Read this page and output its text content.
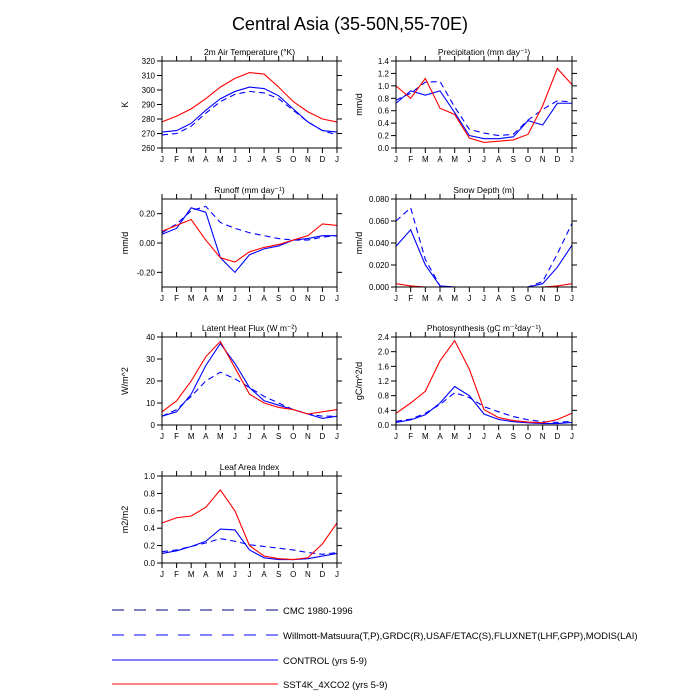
Central Asia (35-50N,55-70E)
2m Air Temperature (°K)
K
260
270
280
290
300
310
320
J F M A M J J A S O N D J
Precipitation (mm day⁻¹)
mm/d
0.0
0.2
0.4
0.6
0.8
1.0
1.2
1.4
J F M A M J J A S O N D J
Runoff (mm day⁻¹)
mm/d
-0.20
0.00
0.20
J F M A M J J A S O N D J
Snow Depth (m)
mm/d
0.000
0.020
0.040
0.060
0.080
J F M A M J J A S O N D J
Latent Heat Flux (W m⁻²)
W/m^2
0
10
20
30
40
J F M A M J J A S O N D J
Photosynthesis (gC m⁻²day⁻¹)
gC/m^2/d
0.0
0.4
0.8
1.2
1.6
2.0
2.4
J F M A M J J A S O N D J
Leaf Area Index
m2/m2
0.0
0.2
0.4
0.6
0.8
1.0
J F M A M J J A S O N D J
CMC 1980-1996
Willmott-Matsuura(T,P),GRDC(R),USAF/ETAC(S),FLUXNET(LHF,GPP),MODIS(LAI)
CONTROL (yrs 5-9)
SST4K_4XCO2 (yrs 5-9)
